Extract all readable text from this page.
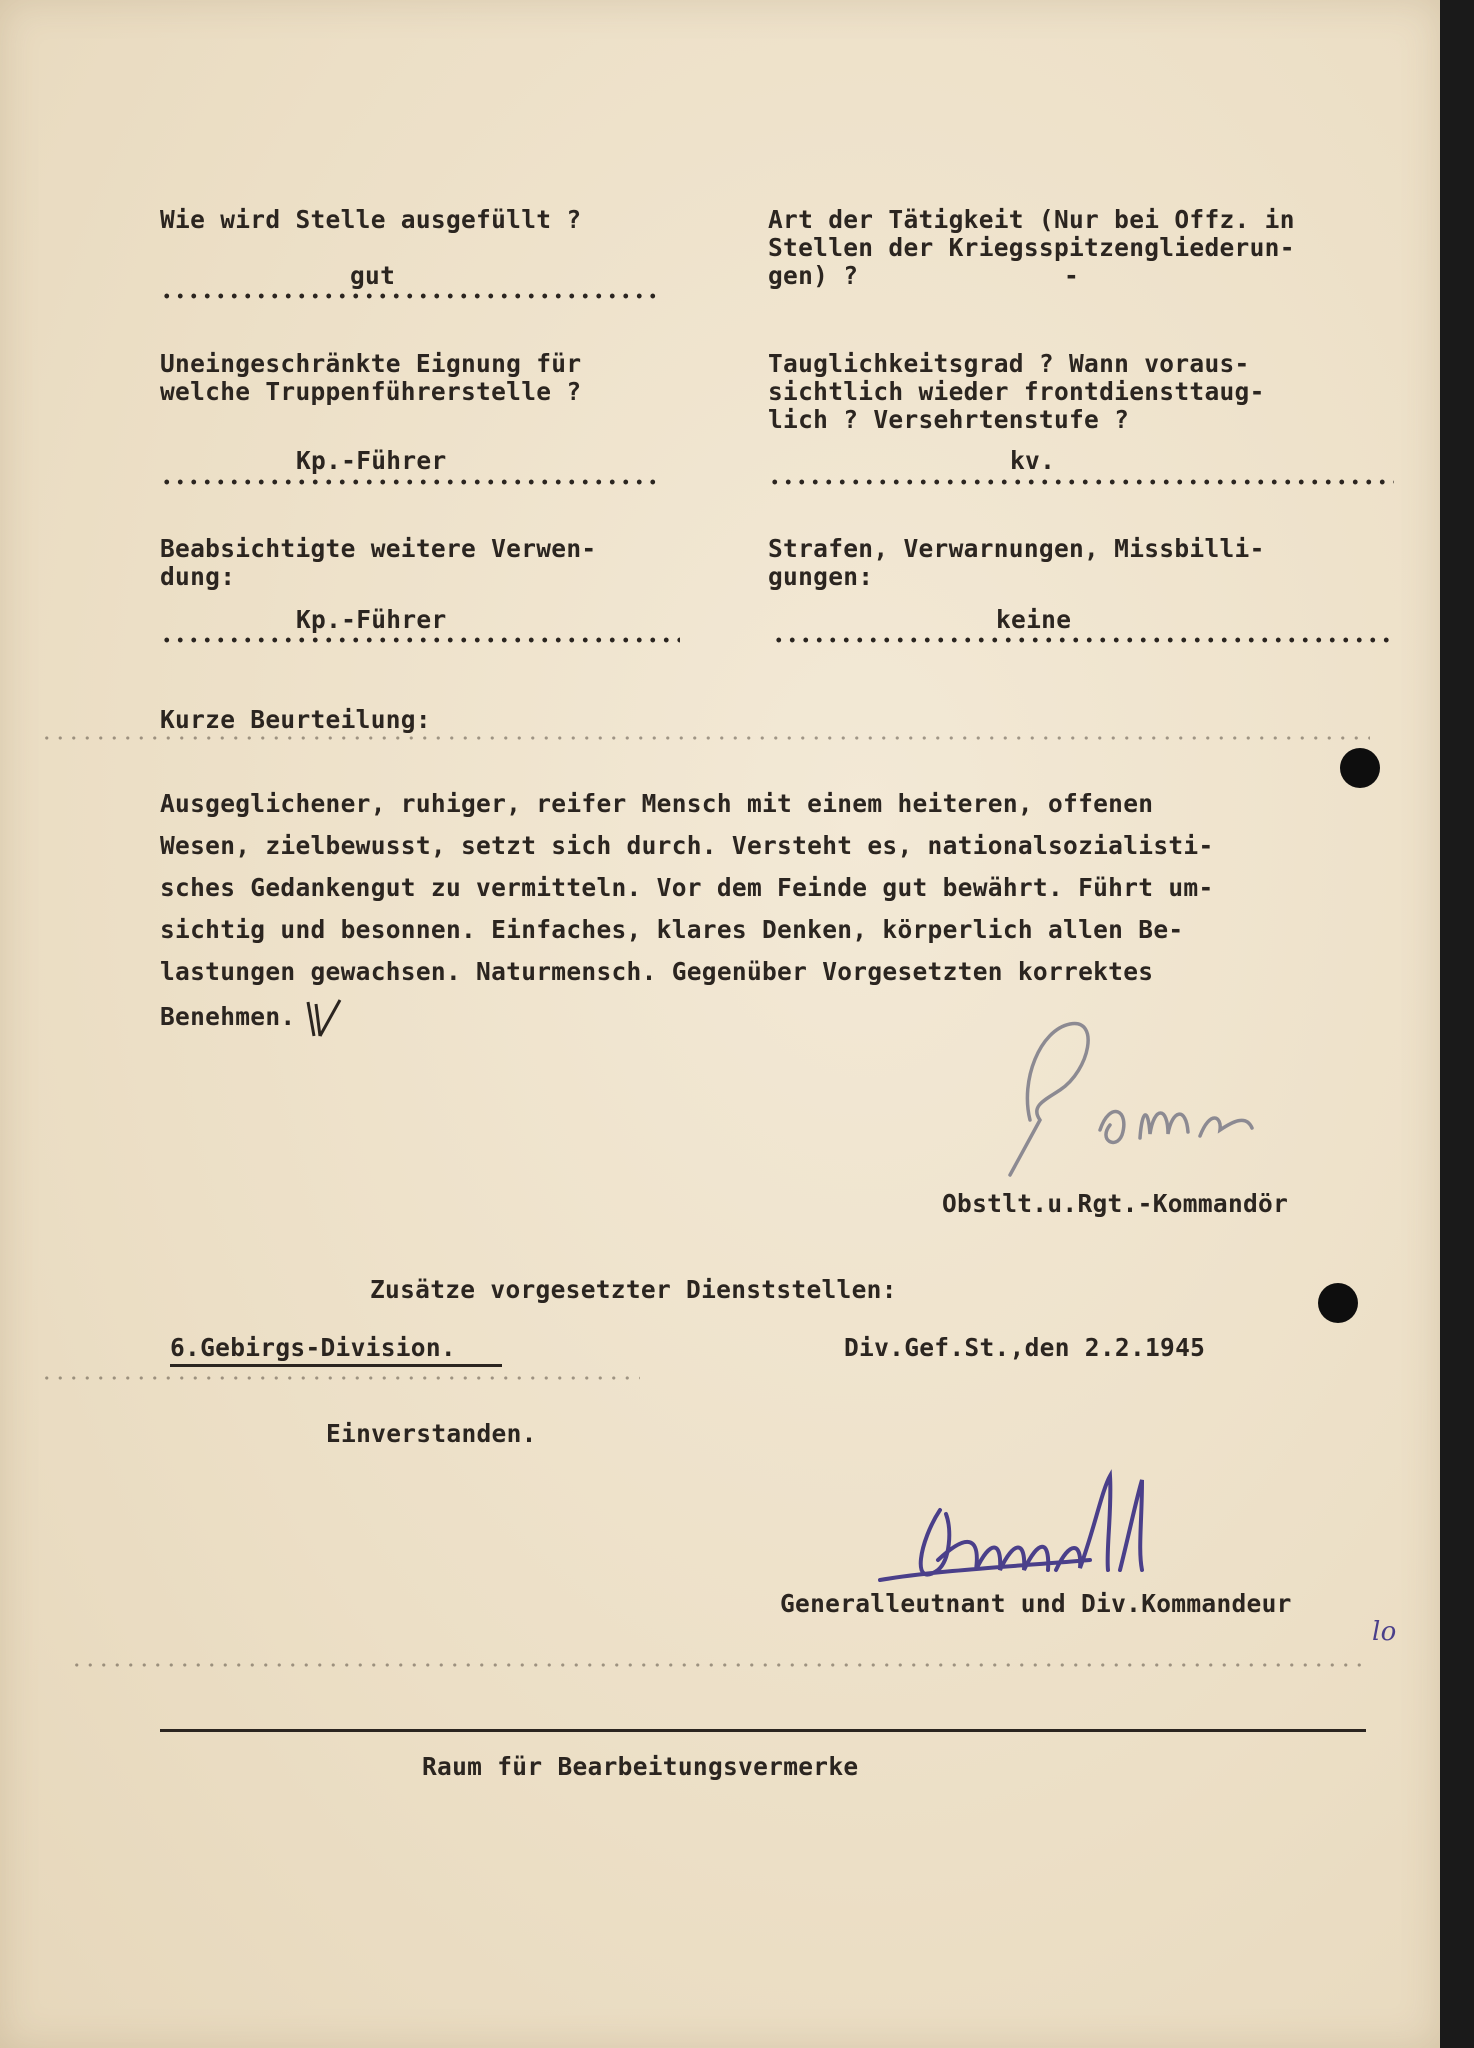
Wie wird Stelle ausgefüllt ?
gut
Uneingeschränkte Eignung für
welche Truppenführerstelle ?
Kp.-Führer
Beabsichtigte weitere Verwen-
dung:
Kp.-Führer
Art der Tätigkeit (Nur bei Offz. in
Stellen der Kriegsspitzengliederun-
gen) ?	-
Tauglichkeitsgrad ? Wann voraus-
sichtlich wieder frontdiensttaug-
lich ? Versehrtenstufe ?
kv.
Strafen, Verwarnungen, Missbilli-
gungen:
keine
Kurze Beurteilung:
Ausgeglichener, ruhiger, reifer Mensch mit einem heiteren, offenen
Wesen, zielbewusst, setzt sich durch. Versteht es, nationalsozialisti-
sches Gedankengut zu vermitteln. Vor dem Feinde gut bewährt. Führt um-
sichtig und besonnen. Einfaches, klares Denken, körperlich allen Be-
lastungen gewachsen. Naturmensch. Gegenüber Vorgesetzten korrektes
Benehmen.
Obstlt.u.Rgt.-Kommandör
Zusätze vorgesetzter Dienststellen:
6.Gebirgs-Division.	Div.Gef.St.,den 2.2.1945
Einverstanden.
Generalleutnant und Div.Kommandeur
lo
Raum für Bearbeitungsvermerke
